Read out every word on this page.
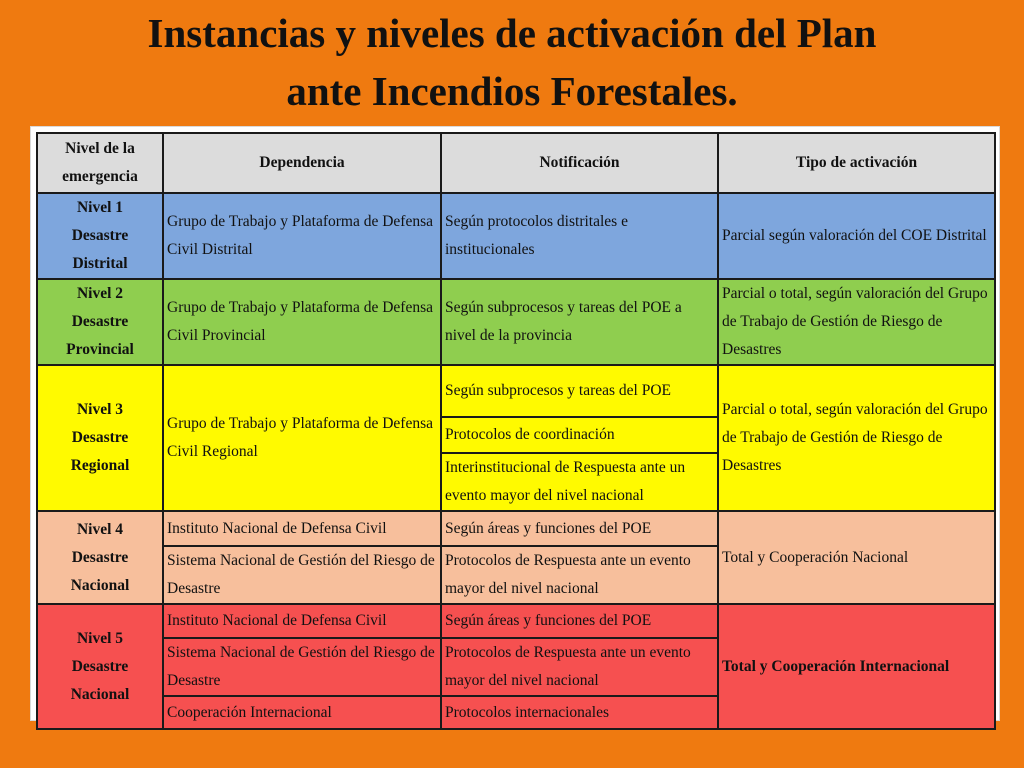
Instancias y niveles de activación del Plan
ante Incendios Forestales.
Nivel de la emergencia	Dependencia	Notificación	Tipo de activación

Nivel 1
Desastre
Distrital	Grupo de Trabajo y Plataforma de Defensa Civil Distrital	Según protocolos distritales e institucionales	Parcial según valoración del COE Distrital

Nivel 2
Desastre
Provincial	Grupo de Trabajo y Plataforma de Defensa Civil Provincial	Según subprocesos y tareas del POE a nivel de la provincia	Parcial o total, según valoración del Grupo de Trabajo de Gestión de Riesgo de Desastres

Nivel 3
Desastre
Regional	Grupo de Trabajo y Plataforma de Defensa Civil Regional	Según subprocesos y tareas del POE	Parcial o total, según valoración del Grupo de Trabajo de Gestión de Riesgo de Desastres
		Protocolos de coordinación	
		Interinstitucional de Respuesta ante un evento mayor del nivel nacional	

Nivel 4
Desastre
Nacional	Instituto Nacional de Defensa Civil	Según áreas y funciones del POE	Total y Cooperación Nacional
	Sistema Nacional de Gestión del Riesgo de Desastre	Protocolos de Respuesta ante un evento mayor del nivel nacional	

Nivel 5
Desastre
Nacional	Instituto Nacional de Defensa Civil	Según áreas y funciones del POE	Total y Cooperación Internacional
	Sistema Nacional de Gestión del Riesgo de Desastre	Protocolos de Respuesta ante un evento mayor del nivel nacional	
	Cooperación Internacional	Protocolos internacionales	
